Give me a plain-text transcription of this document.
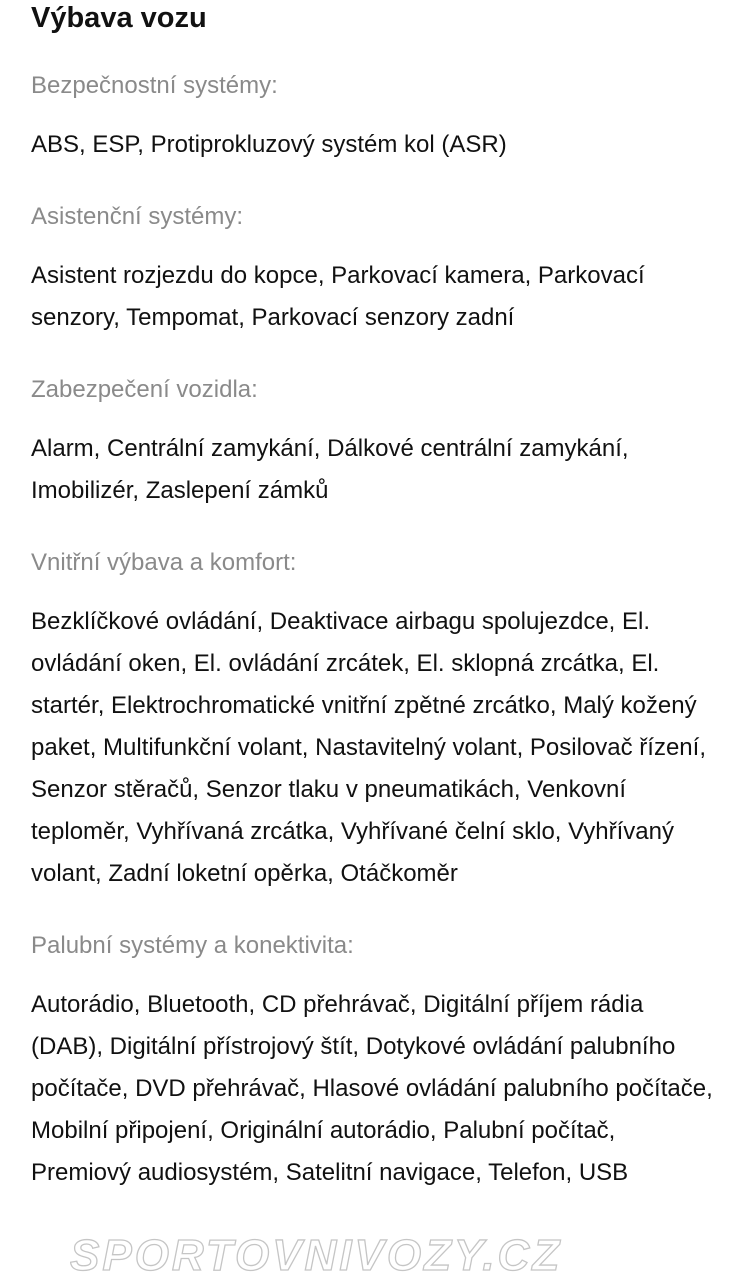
Výbava vozu
Bezpečnostní systémy:
ABS, ESP, Protiprokluzový systém kol (ASR)
Asistenční systémy:
Asistent rozjezdu do kopce, Parkovací kamera, Parkovací senzory, Tempomat, Parkovací senzory zadní
Zabezpečení vozidla:
Alarm, Centrální zamykání, Dálkové centrální zamykání, Imobilizér, Zaslepení zámků
Vnitřní výbava a komfort:
Bezklíčkové ovládání, Deaktivace airbagu spolujezdce, El. ovládání oken, El. ovládání zrcátek, El. sklopná zrcátka, El. startér, Elektrochromatické vnitřní zpětné zrcátko, Malý kožený paket, Multifunkční volant, Nastavitelný volant, Posilovač řízení, Senzor stěračů, Senzor tlaku v pneumatikách, Venkovní teploměr, Vyhřívaná zrcátka, Vyhřívané čelní sklo, Vyhřívaný volant, Zadní loketní opěrka, Otáčkoměr
Palubní systémy a konektivita:
Autorádio, Bluetooth, CD přehrávač, Digitální příjem rádia (DAB), Digitální přístrojový štít, Dotykové ovládání palubního počítače, DVD přehrávač, Hlasové ovládání palubního počítače, Mobilní připojení, Originální autorádio, Palubní počítač, Premiový audiosystém, Satelitní navigace, Telefon, USB
SPORTOVNIVOZY.CZ
